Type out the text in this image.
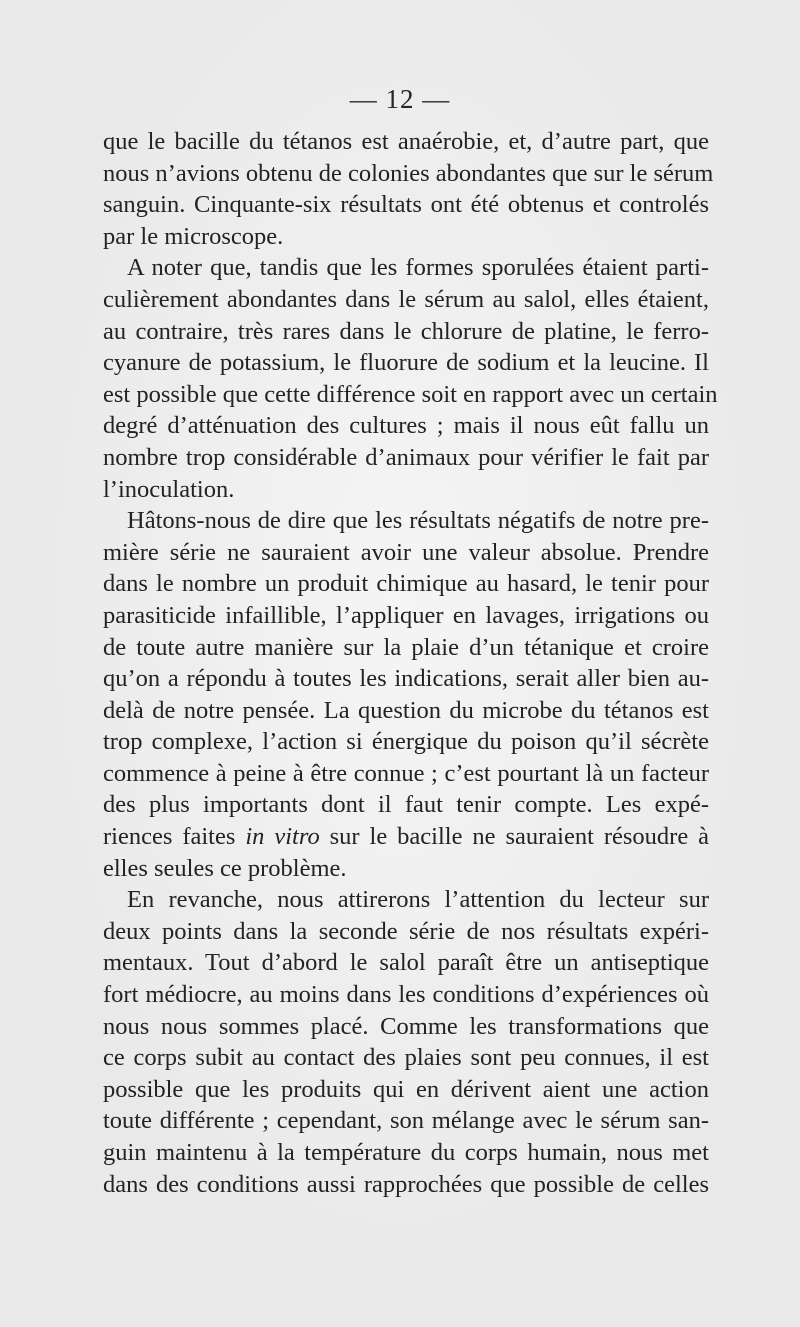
— 12 —

que le bacille du tétanos est anaérobie, et, d’autre part, que
nous n’avions obtenu de colonies abondantes que sur le sérum
sanguin. Cinquante-six résultats ont été obtenus et controlés
par le microscope.

A noter que, tandis que les formes sporulées étaient parti-
culièrement abondantes dans le sérum au salol, elles étaient,
au contraire, très rares dans le chlorure de platine, le ferro-
cyanure de potassium, le fluorure de sodium et la leucine. Il
est possible que cette différence soit en rapport avec un certain
degré d’atténuation des cultures ; mais il nous eût fallu un
nombre trop considérable d’animaux pour vérifier le fait par
l’inoculation.

Hâtons-nous de dire que les résultats négatifs de notre pre-
mière série ne sauraient avoir une valeur absolue. Prendre
dans le nombre un produit chimique au hasard, le tenir pour
parasiticide infaillible, l’appliquer en lavages, irrigations ou
de toute autre manière sur la plaie d’un tétanique et croire
qu’on a répondu à toutes les indications, serait aller bien au-
delà de notre pensée. La question du microbe du tétanos est
trop complexe, l’action si énergique du poison qu’il sécrète
commence à peine à être connue ; c’est pourtant là un facteur
des plus importants dont il faut tenir compte. Les expé-
riences faites in vitro sur le bacille ne sauraient résoudre à
elles seules ce problème.

En revanche, nous attirerons l’attention du lecteur sur
deux points dans la seconde série de nos résultats expéri-
mentaux. Tout d’abord le salol paraît être un antiseptique
fort médiocre, au moins dans les conditions d’expériences où
nous nous sommes placé. Comme les transformations que
ce corps subit au contact des plaies sont peu connues, il est
possible que les produits qui en dérivent aient une action
toute différente ; cependant, son mélange avec le sérum san-
guin maintenu à la température du corps humain, nous met
dans des conditions aussi rapprochées que possible de celles
